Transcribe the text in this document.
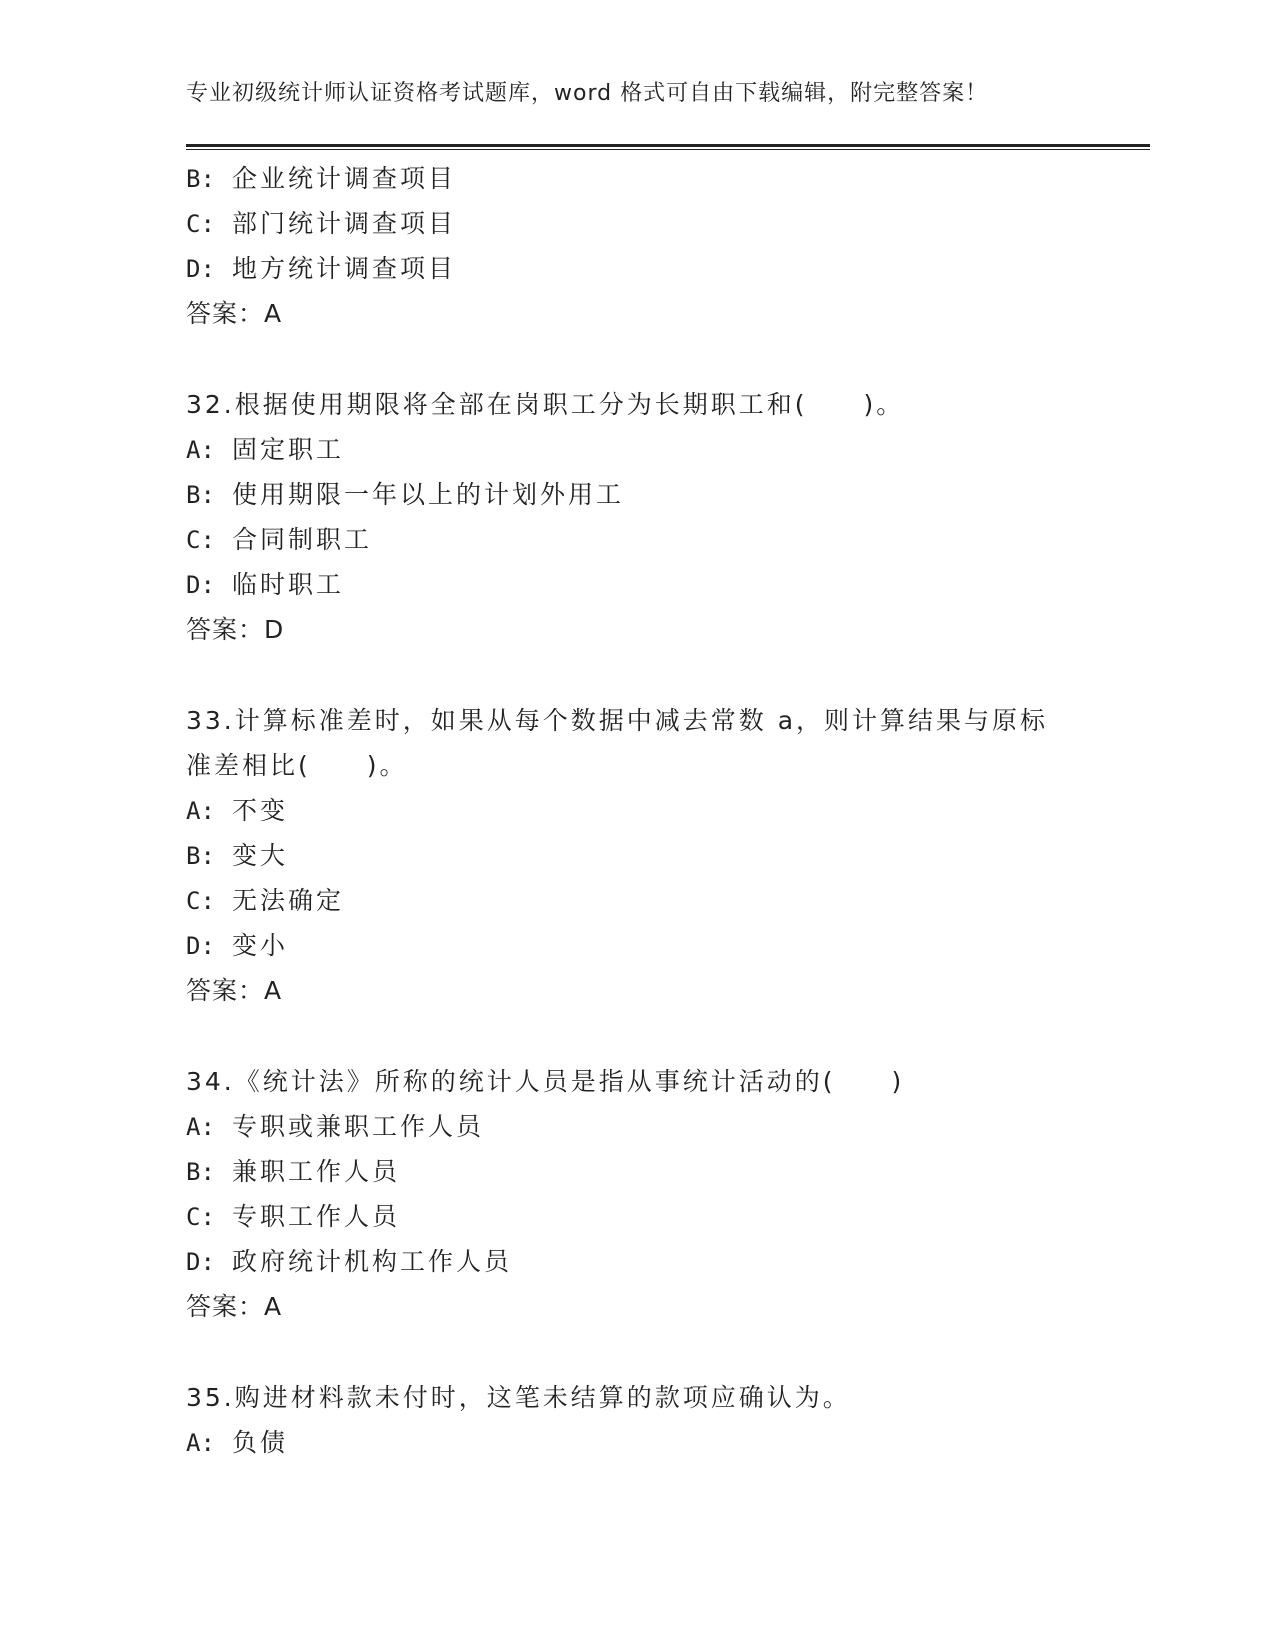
专业初级统计师认证资格考试题库，word 格式可自由下载编辑，附完整答案！
B: 企业统计调查项目
C: 部门统计调查项目
D: 地方统计调查项目
答案：A
32.根据使用期限将全部在岗职工分为长期职工和(　　)。
A: 固定职工
B: 使用期限一年以上的计划外用工
C: 合同制职工
D: 临时职工
答案：D
33.计算标准差时，如果从每个数据中减去常数 a，则计算结果与原标
准差相比(　　)。
A: 不变
B: 变大
C: 无法确定
D: 变小
答案：A
34.《统计法》所称的统计人员是指从事统计活动的(　　)
A: 专职或兼职工作人员
B: 兼职工作人员
C: 专职工作人员
D: 政府统计机构工作人员
答案：A
35.购进材料款未付时，这笔未结算的款项应确认为。
A: 负债
